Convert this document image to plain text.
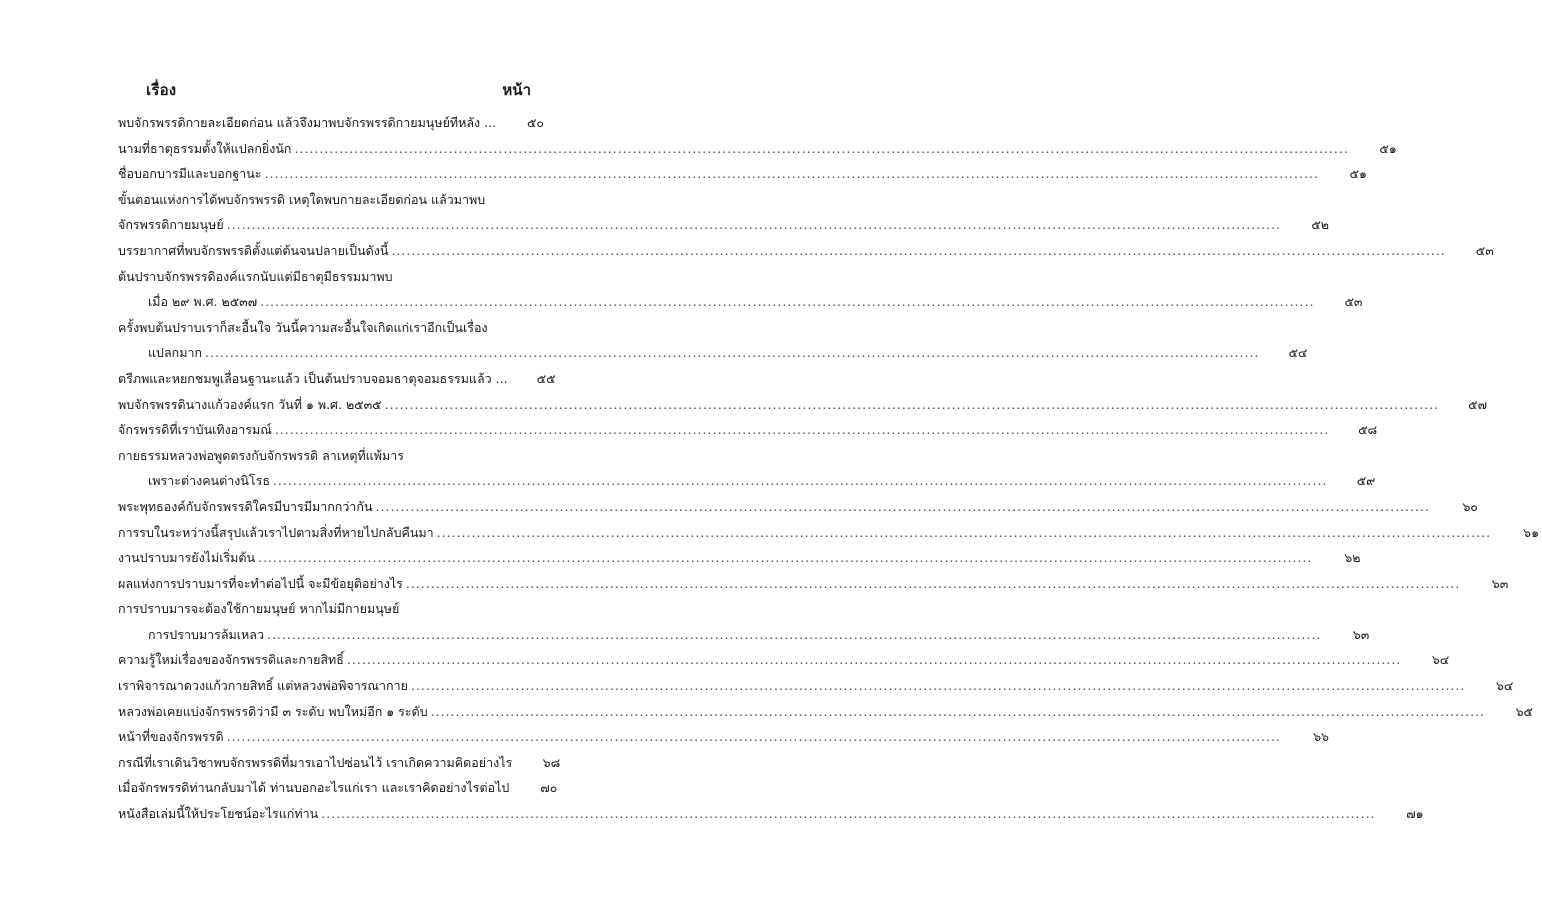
เรื่อง	หน้า
พบจักรพรรดิกายละเอียดก่อน แล้วจึงมาพบจักรพรรดิกายมนุษย์ทีหลัง ...	๕๐
นามที่ธาตุธรรมตั้งให้แปลกยิ่งนัก .....	๕๑
ชื่อบอกบารมีและบอกฐานะ .....	๕๑
ขั้นตอนแห่งการได้พบจักรพรรดิ เหตุใดพบกายละเอียดก่อน แล้วมาพบ
จักรพรรดิกายมนุษย์ .....	๕๒
บรรยากาศที่พบจักรพรรดิตั้งแต่ต้นจนปลายเป็นดังนี้ .....	๕๓
ต้นปราบจักรพรรดิองค์แรกนับแต่มีธาตุมีธรรมมาพบ
เมื่อ ๒๙ พ.ศ. ๒๕๓๗ .....	๕๓
ครั้งพบต้นปราบเราก็สะอื้นใจ วันนี้ความสะอื้นใจเกิดแก่เราอีกเป็นเรื่อง
แปลกมาก .....	๕๔
ตรีภพและหยกชมพูเลื่อนฐานะแล้ว เป็นต้นปราบจอมธาตุจอมธรรมแล้ว ...	๕๕
พบจักรพรรดินางแก้วองค์แรก วันที่ ๑ พ.ศ. ๒๕๓๕ .....	๕๗
จักรพรรดิที่เราบันเทิงอารมณ์ .....	๕๘
กายธรรมหลวงพ่อพูดตรงกับจักรพรรดิ ลาเหตุที่แพ้มาร
เพราะต่างคนต่างนิโรธ .....	๕๙
พระพุทธองค์กับจักรพรรดิใครมีบารมีมากกว่ากัน .....	๖๐
การรบในระหว่างนี้สรุปแล้วเราไปตามสิ่งที่หายไปกลับคืนมา .....	๖๑
งานปราบมารยังไม่เริ่มต้น .....	๖๒
ผลแห่งการปราบมารที่จะทำต่อไปนี้ จะมีข้อยุติอย่างไร .....	๖๓
การปราบมารจะต้องใช้กายมนุษย์ หากไม่มีกายมนุษย์
การปราบมารล้มเหลว .....	๖๓
ความรู้ใหม่เรื่องของจักรพรรดิและกายสิทธิ์ .....	๖๔
เราพิจารณาดวงแก้วกายสิทธิ์ แต่หลวงพ่อพิจารณากาย .....	๖๔
หลวงพ่อเคยแบ่งจักรพรรดิว่ามี ๓ ระดับ พบใหม่อีก ๑ ระดับ .....	๖๕
หน้าที่ของจักรพรรดิ .....	๖๖
กรณีที่เราเดินวิชาพบจักรพรรดิที่มารเอาไปซ่อนไว้ เราเกิดความคิดอย่างไร	๖๘
เมื่อจักรพรรดิท่านกลับมาได้ ท่านบอกอะไรแก่เรา และเราคิดอย่างไรต่อไป	๗๐
หนังสือเล่มนี้ให้ประโยชน์อะไรแก่ท่าน .....	๗๑
